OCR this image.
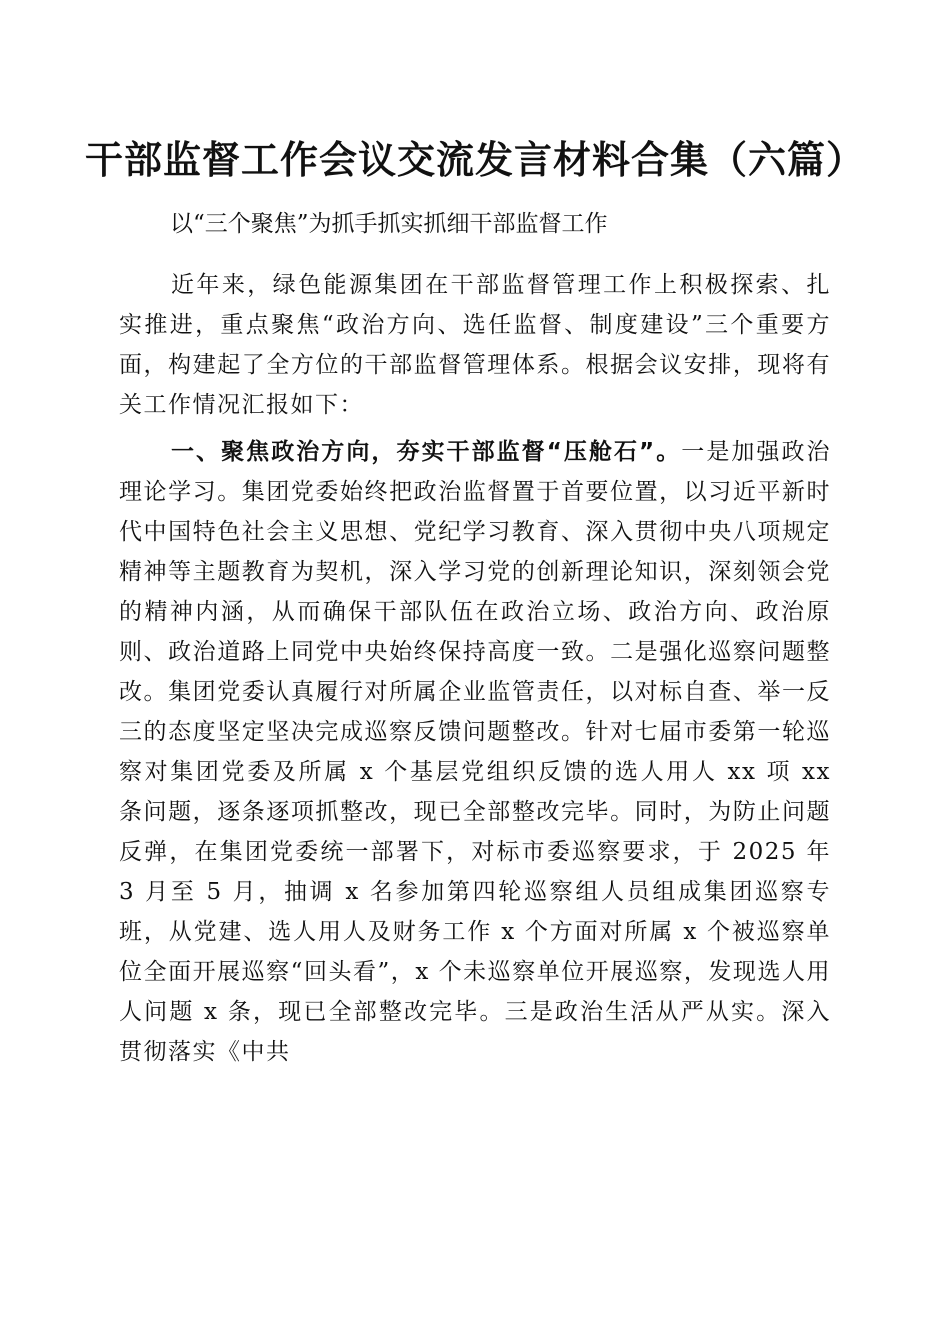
干部监督工作会议交流发言材料合集（六篇）

以“三个聚焦”为抓手抓实抓细干部监督工作

近年来，绿色能源集团在干部监督管理工作上积极探索、扎实推进，重点聚焦“政治方向、选任监督、制度建设”三个重要方面，构建起了全方位的干部监督管理体系。根据会议安排，现将有关工作情况汇报如下：

一、聚焦政治方向，夯实干部监督“压舱石”。一是加强政治理论学习。集团党委始终把政治监督置于首要位置，以习近平新时代中国特色社会主义思想、党纪学习教育、深入贯彻中央八项规定精神等主题教育为契机，深入学习党的创新理论知识，深刻领会党的精神内涵，从而确保干部队伍在政治立场、政治方向、政治原则、政治道路上同党中央始终保持高度一致。二是强化巡察问题整改。集团党委认真履行对所属企业监管责任，以对标自查、举一反三的态度坚定坚决完成巡察反馈问题整改。针对七届市委第一轮巡察对集团党委及所属 x 个基层党组织反馈的选人用人 xx 项 xx 条问题，逐条逐项抓整改，现已全部整改完毕。同时，为防止问题反弹，在集团党委统一部署下，对标市委巡察要求，于 2025 年 3 月至 5 月，抽调 x 名参加第四轮巡察组人员组成集团巡察专班，从党建、选人用人及财务工作 x 个方面对所属 x 个被巡察单位全面开展巡察“回头看”，x 个未巡察单位开展巡察，发现选人用人问题 x 条，现已全部整改完毕。三是政治生活从严从实。深入贯彻落实《中共
